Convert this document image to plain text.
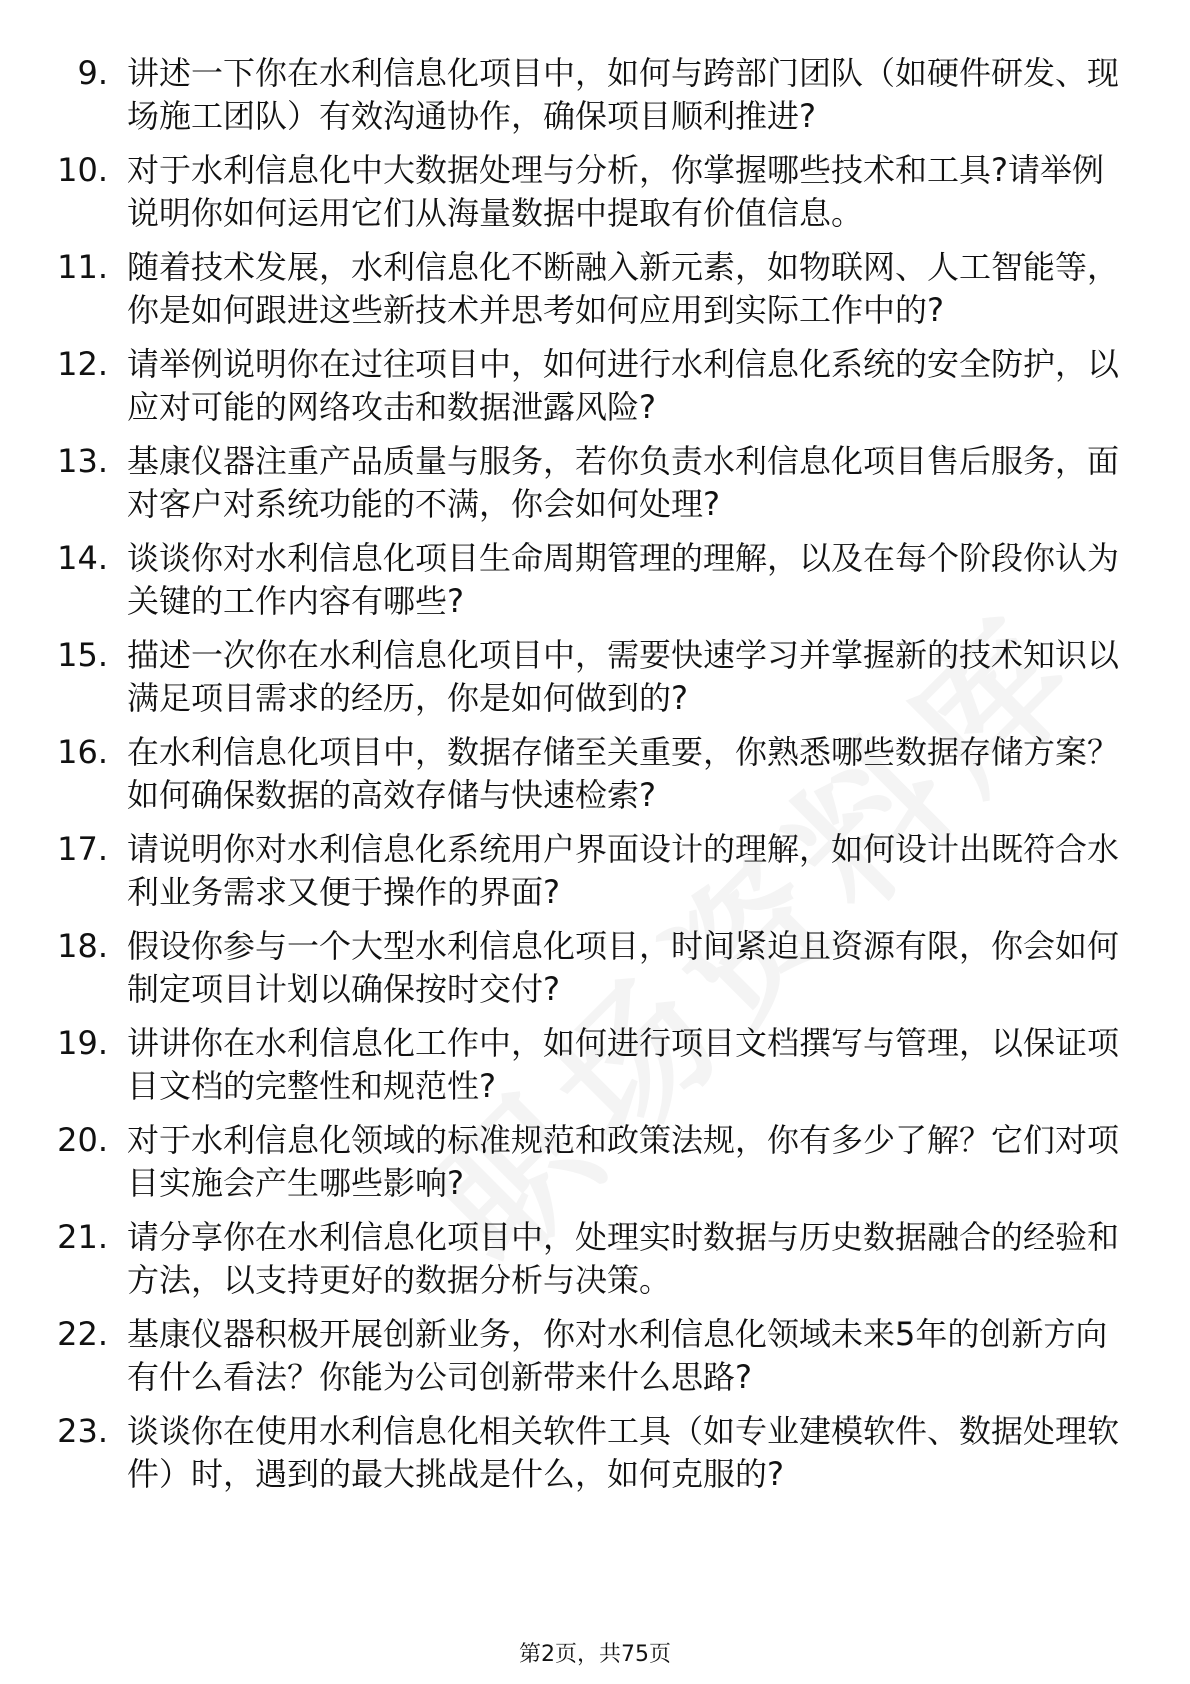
9. 讲述一下你在水利信息化项目中，如何与跨部门团队（如硬件研发、现场施工团队）有效沟通协作，确保项目顺利推进?
10. 对于水利信息化中大数据处理与分析，你掌握哪些技术和工具?请举例说明你如何运用它们从海量数据中提取有价值信息。
11. 随着技术发展，水利信息化不断融入新元素，如物联网、人工智能等，你是如何跟进这些新技术并思考如何应用到实际工作中的?
12. 请举例说明你在过往项目中，如何进行水利信息化系统的安全防护，以应对可能的网络攻击和数据泄露风险?
13. 基康仪器注重产品质量与服务，若你负责水利信息化项目售后服务，面对客户对系统功能的不满，你会如何处理?
14. 谈谈你对水利信息化项目生命周期管理的理解，以及在每个阶段你认为关键的工作内容有哪些?
15. 描述一次你在水利信息化项目中，需要快速学习并掌握新的技术知识以满足项目需求的经历，你是如何做到的?
16. 在水利信息化项目中，数据存储至关重要，你熟悉哪些数据存储方案？如何确保数据的高效存储与快速检索?
17. 请说明你对水利信息化系统用户界面设计的理解，如何设计出既符合水利业务需求又便于操作的界面?
18. 假设你参与一个大型水利信息化项目，时间紧迫且资源有限，你会如何制定项目计划以确保按时交付?
19. 讲讲你在水利信息化工作中，如何进行项目文档撰写与管理，以保证项目文档的完整性和规范性?
20. 对于水利信息化领域的标准规范和政策法规，你有多少了解？它们对项目实施会产生哪些影响?
21. 请分享你在水利信息化项目中，处理实时数据与历史数据融合的经验和方法，以支持更好的数据分析与决策。
22. 基康仪器积极开展创新业务，你对水利信息化领域未来5年的创新方向有什么看法？你能为公司创新带来什么思路?
23. 谈谈你在使用水利信息化相关软件工具（如专业建模软件、数据处理软件）时，遇到的最大挑战是什么，如何克服的?
第2页，共75页
